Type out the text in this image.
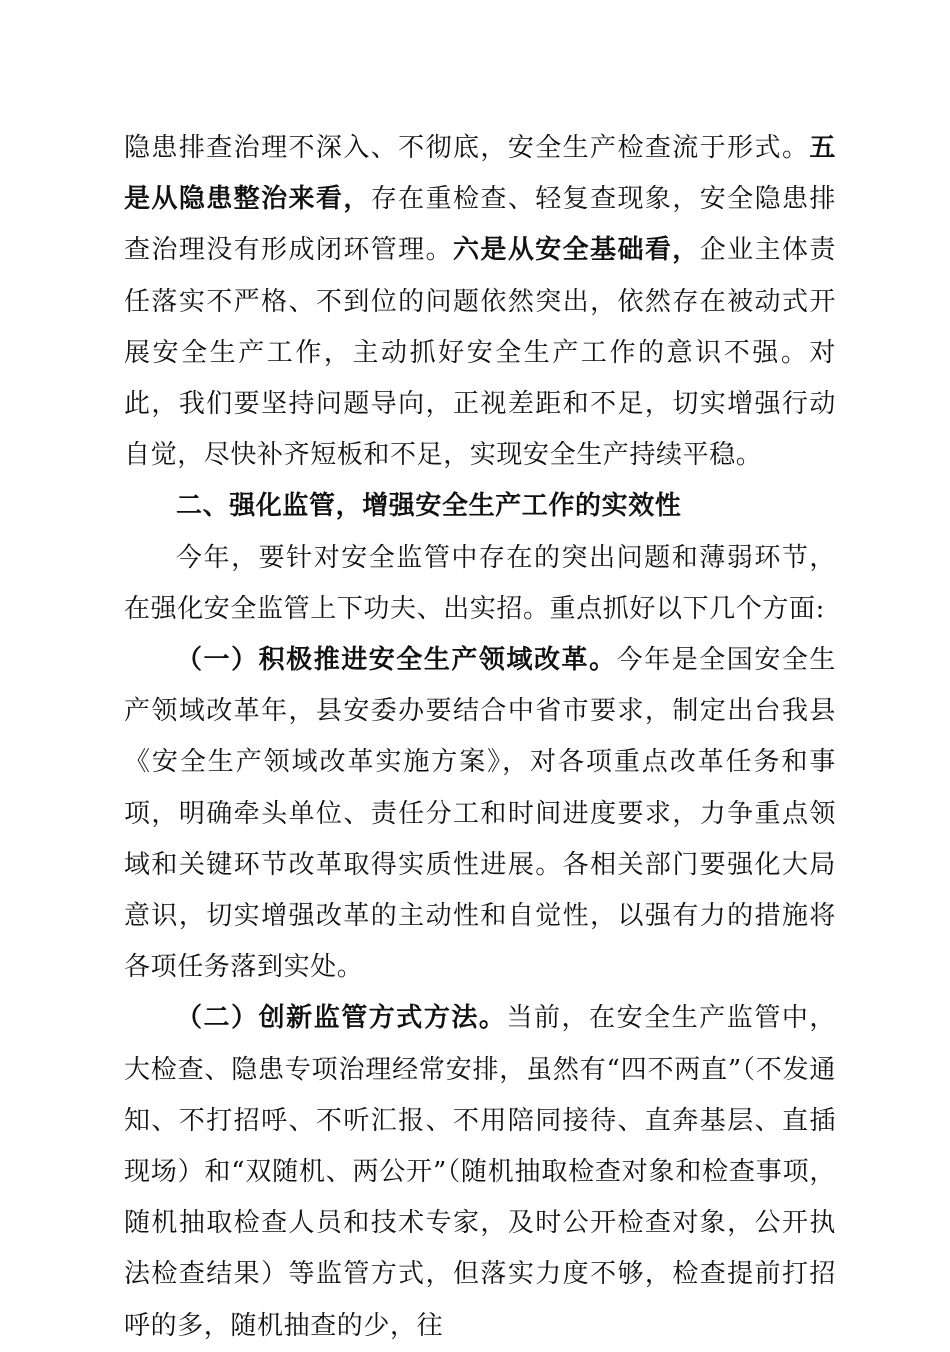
隐患排查治理不深入、不彻底，安全生产检查流于形式。五是从隐患整治来看，存在重检查、轻复查现象，安全隐患排查治理没有形成闭环管理。六是从安全基础看，企业主体责任落实不严格、不到位的问题依然突出，依然存在被动式开展安全生产工作，主动抓好安全生产工作的意识不强。对此，我们要坚持问题导向，正视差距和不足，切实增强行动自觉，尽快补齐短板和不足，实现安全生产持续平稳。

二、强化监管，增强安全生产工作的实效性

今年，要针对安全监管中存在的突出问题和薄弱环节，在强化安全监管上下功夫、出实招。重点抓好以下几个方面:

（一）积极推进安全生产领域改革。今年是全国安全生产领域改革年，县安委办要结合中省市要求，制定出台我县《安全生产领域改革实施方案》，对各项重点改革任务和事项，明确牵头单位、责任分工和时间进度要求，力争重点领域和关键环节改革取得实质性进展。各相关部门要强化大局意识，切实增强改革的主动性和自觉性，以强有力的措施将各项任务落到实处。

（二）创新监管方式方法。当前，在安全生产监管中，大检查、隐患专项治理经常安排，虽然有“四不两直”（不发通知、不打招呼、不听汇报、不用陪同接待、直奔基层、直插现场）和“双随机、两公开”（随机抽取检查对象和检查事项，随机抽取检查人员和技术专家，及时公开检查对象，公开执法检查结果）等监管方式，但落实力度不够，检查提前打招呼的多，随机抽查的少，往
